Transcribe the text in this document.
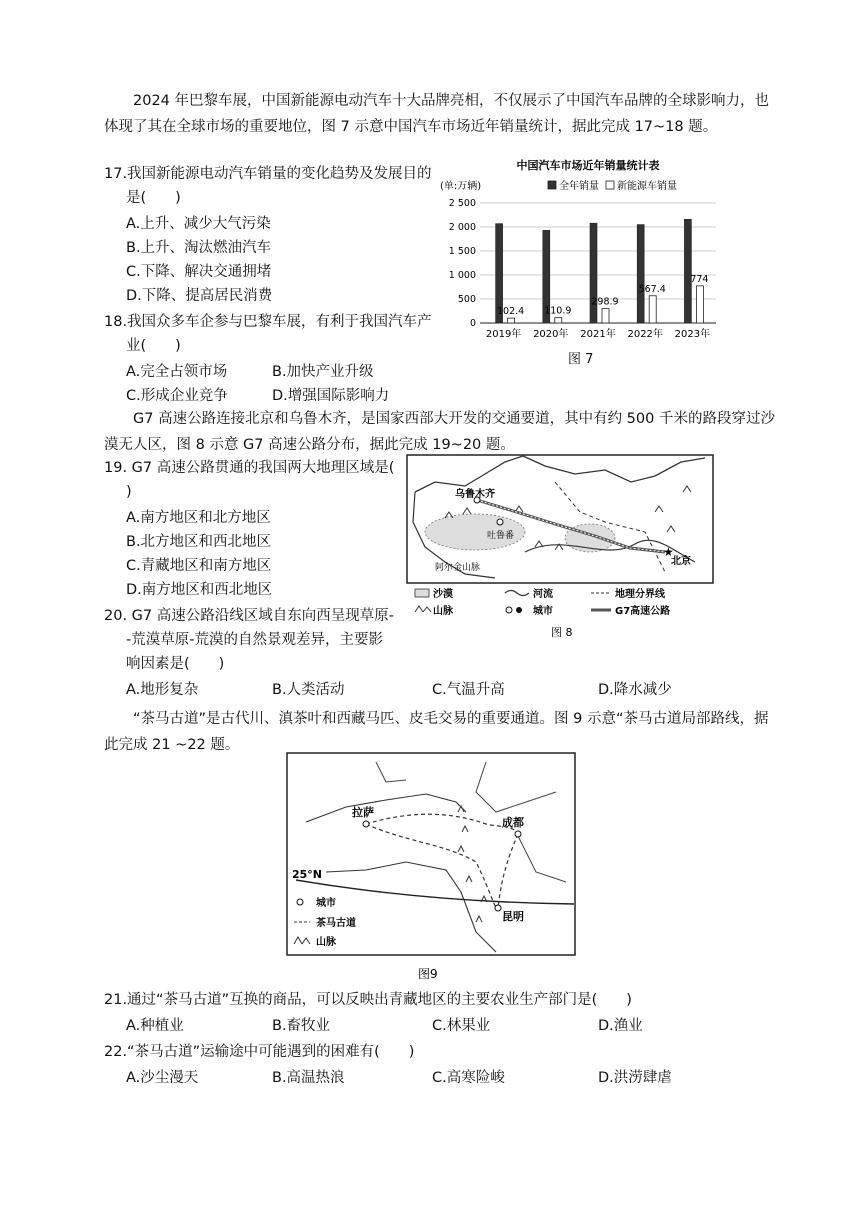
2024 年巴黎车展，中国新能源电动汽车十大品牌亮相，不仅展示了中国汽车品牌的全球影响力，也体现了其在全球市场的重要地位，图 7 示意中国汽车市场近年销量统计，据此完成 17~18 题。
17.我国新能源电动汽车销量的变化趋势及发展目的
是(　　)
A.上升、减少大气污染
B.上升、淘汰燃油汽车
C.下降、解决交通拥堵
D.下降、提高居民消费
18.我国众多车企参与巴黎车展，有利于我国汽车产
业(　　)
A.完全占领市场	B.加快产业升级
C.形成企业竞争	D.增强国际影响力
中国汽车市场近年销量统计表
(单:万辆)	全年销量 新能源车销量
0
500
1 000
1 500
2 000
2 500
102.4
2019年
110.9
2020年
298.9
2021年
567.4
2022年
774
2023年
图 7
G7 高速公路连接北京和乌鲁木齐，是国家西部大开发的交通要道，其中有约 500 千米的路段穿过沙漠无人区，图 8 示意 G7 高速公路分布，据此完成 19~20 题。
19. G7 高速公路贯通的我国两大地理区域是(
)
A.南方地区和北方地区
B.北方地区和西北地区
C.青藏地区和南方地区
D.南方地区和西北地区
20. G7 高速公路沿线区域自东向西呈现草原-
-荒漠草原-荒漠的自然景观差异，主要影
响因素是(　　)
A.地形复杂	B.人类活动	C.气温升高	D.降水减少
★
乌鲁木齐
吐鲁番
阿尔金山脉
北京
沙漠	河流	地理分界线
山脉	城市	G7高速公路
图 8
“茶马古道”是古代川、滇茶叶和西藏马匹、皮毛交易的重要通道。图 9 示意“茶马古道局部路线，据此完成 21 ~22 题。
25°N
拉萨
成都
昆明
城市
茶马古道
山脉
图9
21.通过“茶马古道”互换的商品，可以反映出青藏地区的主要农业生产部门是(　　)
A.种植业	B.畜牧业	C.林果业	D.渔业
22.“茶马古道”运输途中可能遇到的困难有(　　)
A.沙尘漫天	B.高温热浪	C.高寒险峻	D.洪涝肆虐
